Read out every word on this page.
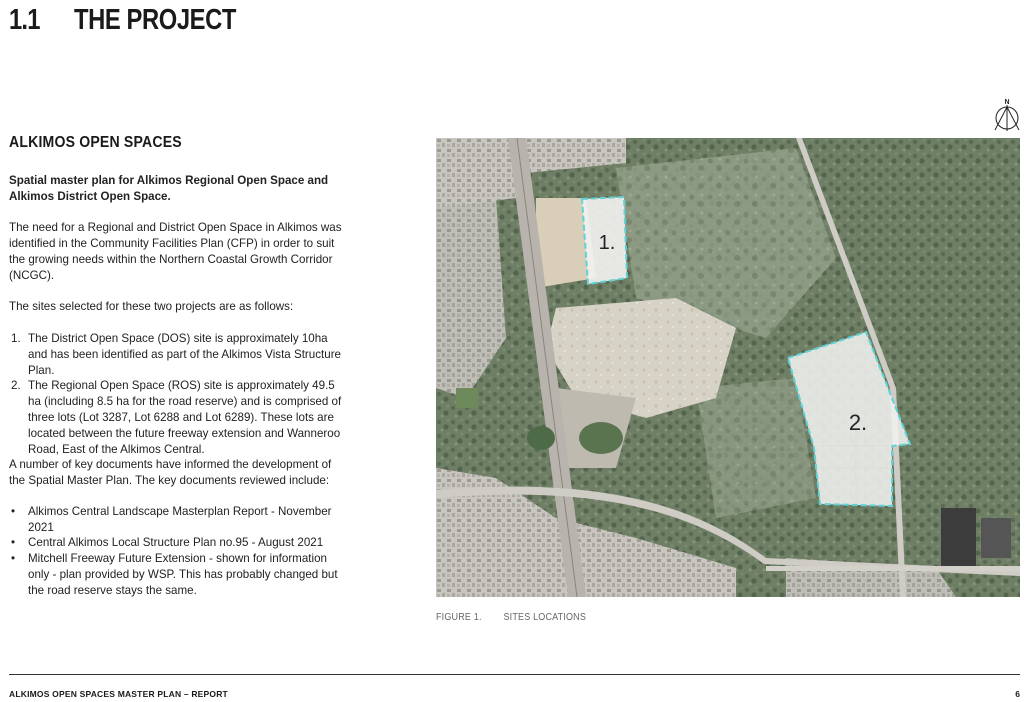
1.1 THE PROJECT
ALKIMOS OPEN SPACES

Spatial master plan for Alkimos Regional Open Space and Alkimos District Open Space.

The need for a Regional and District Open Space in Alkimos was identified in the Community Facilities Plan (CFP) in order to suit the growing needs within the Northern Coastal Growth Corridor (NCGC).

The sites selected for these two projects are as follows:

1. The District Open Space (DOS) site is approximately 10ha and has been identified as part of the Alkimos Vista Structure Plan.
2. The Regional Open Space (ROS) site is approximately 49.5 ha (including 8.5 ha for the road reserve) and is comprised of three lots (Lot 3287, Lot 6288 and Lot 6289). These lots are located between the future freeway extension and Wanneroo Road, East of the Alkimos Central.

A number of key documents have informed the development of the Spatial Master Plan. The key documents reviewed include:

• Alkimos Central Landscape Masterplan Report - November 2021
• Central Alkimos Local Structure Plan no.95 - August 2021
• Mitchell Freeway Future Extension - shown for information only - plan provided by WSP. This has probably changed but the road reserve stays the same.
N
1.
2.
FIGURE 1. SITES LOCATIONS
ALKIMOS OPEN SPACES MASTER PLAN – REPORT	6
